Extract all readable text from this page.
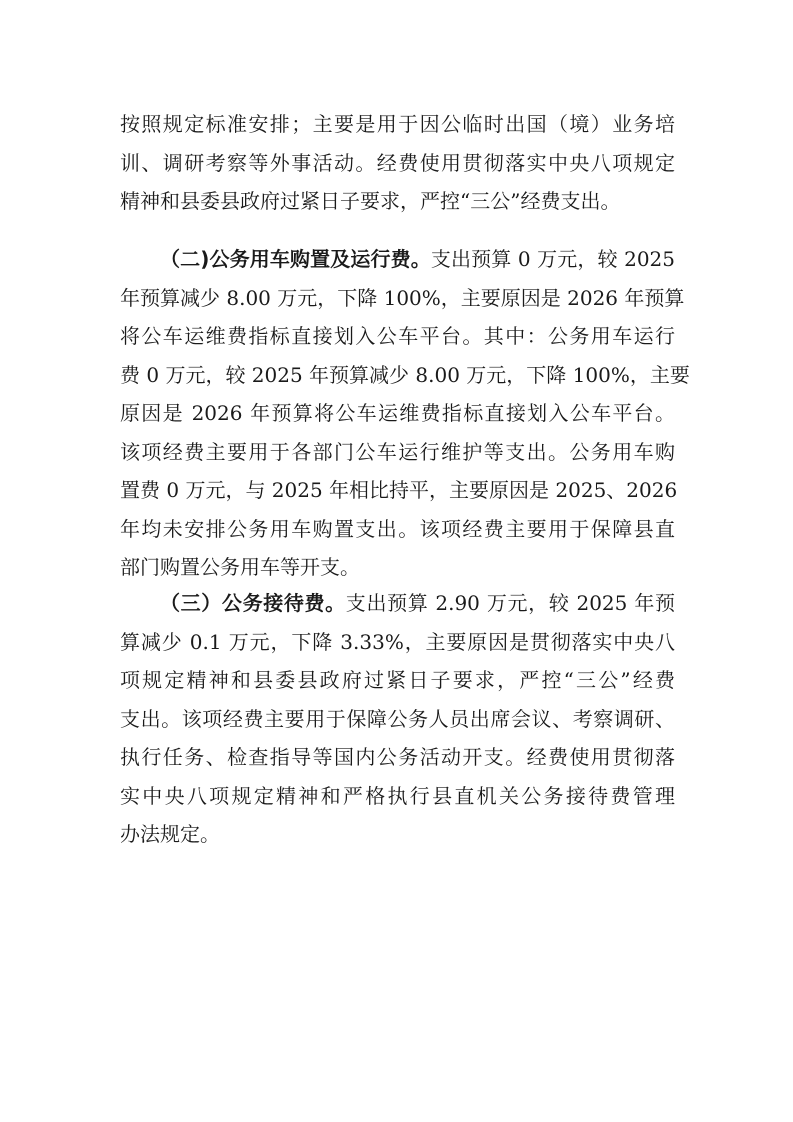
按照规定标准安排；主要是用于因公临时出国（境）业务培
训、调研考察等外事活动。经费使用贯彻落实中央八项规定
精神和县委县政府过紧日子要求，严控“三公”经费支出。
（二)公务用车购置及运行费。支出预算 0 万元，较 2025
年预算减少 8.00 万元，下降 100%，主要原因是 2026 年预算
将公车运维费指标直接划入公车平台。其中：公务用车运行
费 0 万元，较 2025 年预算减少 8.00 万元，下降 100%，主要
原因是 2026 年预算将公车运维费指标直接划入公车平台。
该项经费主要用于各部门公车运行维护等支出。公务用车购
置费 0 万元，与 2025 年相比持平，主要原因是 2025、2026
年均未安排公务用车购置支出。该项经费主要用于保障县直
部门购置公务用车等开支。
（三）公务接待费。支出预算 2.90 万元，较 2025 年预
算减少 0.1 万元，下降 3.33%，主要原因是贯彻落实中央八
项规定精神和县委县政府过紧日子要求，严控“三公”经费
支出。该项经费主要用于保障公务人员出席会议、考察调研、
执行任务、检查指导等国内公务活动开支。经费使用贯彻落
实中央八项规定精神和严格执行县直机关公务接待费管理
办法规定。
